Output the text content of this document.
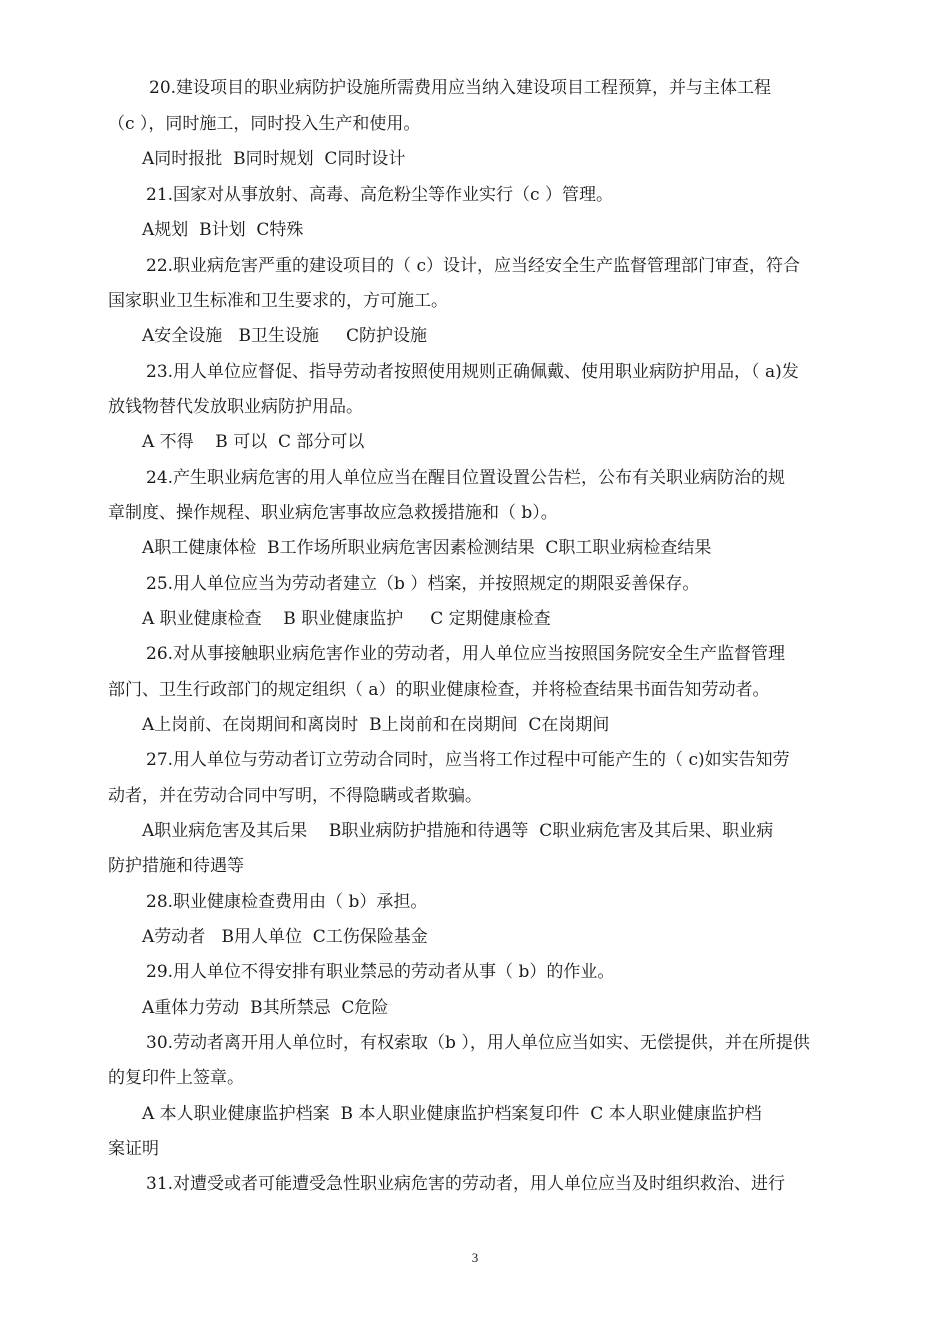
20.建设项目的职业病防护设施所需费用应当纳入建设项目工程预算，并与主体工程
（c ），同时施工，同时投入生产和使用。
A同时报批  B同时规划  C同时设计
21.国家对从事放射、高毒、高危粉尘等作业实行（c ）管理。
A规划  B计划  C特殊
22.职业病危害严重的建设项目的（ c）设计，应当经安全生产监督管理部门审查，符合
国家职业卫生标准和卫生要求的，方可施工。
A安全设施   B卫生设施     C防护设施
23.用人单位应督促、指导劳动者按照使用规则正确佩戴、使用职业病防护用品，（ a)发
放钱物替代发放职业病防护用品。
A 不得    B 可以  C 部分可以
24.产生职业病危害的用人单位应当在醒目位置设置公告栏，公布有关职业病防治的规
章制度、操作规程、职业病危害事故应急救援措施和（ b）。
A职工健康体检  B工作场所职业病危害因素检测结果  C职工职业病检查结果
25.用人单位应当为劳动者建立（b ）档案，并按照规定的期限妥善保存。
A 职业健康检查    B 职业健康监护     C 定期健康检查
26.对从事接触职业病危害作业的劳动者，用人单位应当按照国务院安全生产监督管理
部门、卫生行政部门的规定组织（ a）的职业健康检查，并将检查结果书面告知劳动者。
A上岗前、在岗期间和离岗时  B上岗前和在岗期间  C在岗期间
27.用人单位与劳动者订立劳动合同时，应当将工作过程中可能产生的（ c)如实告知劳
动者，并在劳动合同中写明，不得隐瞒或者欺骗。
A职业病危害及其后果    B职业病防护措施和待遇等  C职业病危害及其后果、职业病
防护措施和待遇等
28.职业健康检查费用由（ b）承担。
A劳动者   B用人单位  C工伤保险基金
29.用人单位不得安排有职业禁忌的劳动者从事（ b）的作业。
A重体力劳动  B其所禁忌  C危险
30.劳动者离开用人单位时，有权索取（b ），用人单位应当如实、无偿提供，并在所提供
的复印件上签章。
A 本人职业健康监护档案  B 本人职业健康监护档案复印件  C 本人职业健康监护档
案证明
31.对遭受或者可能遭受急性职业病危害的劳动者，用人单位应当及时组织救治、进行
3
